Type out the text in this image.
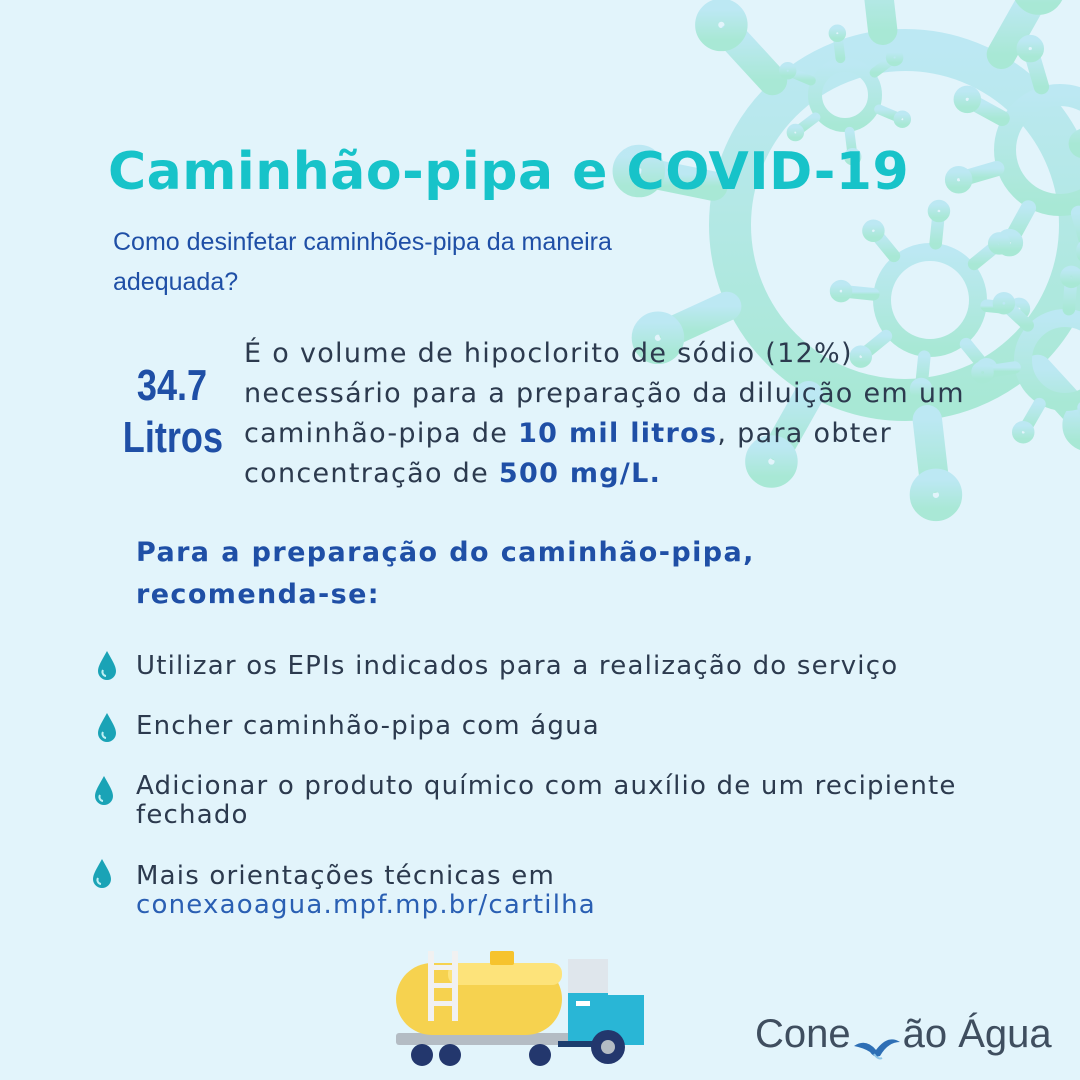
Caminhão-pipa e COVID-19

Como desinfetar caminhões-pipa da maneira adequada?

34.7
Litros

É o volume de hipoclorito de sódio (12%) necessário para a preparação da diluição em um caminhão-pipa de 10 mil litros, para obter concentração de 500 mg/L.

Para a preparação do caminhão-pipa, recomenda-se:

Utilizar os EPIs indicados para a realização do serviço

Encher caminhão-pipa com água

Adicionar o produto químico com auxílio de um recipiente fechado

Mais orientações técnicas em conexaoagua.mpf.mp.br/cartilha

Cone ão Água
